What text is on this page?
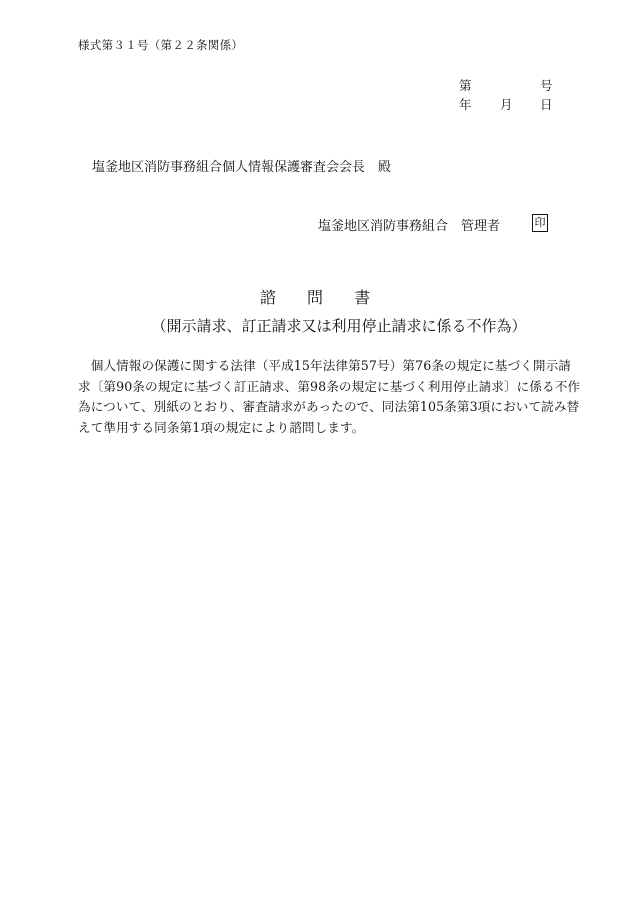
様式第３１号（第２２条関係）
第	号
年 月 日
塩釜地区消防事務組合個人情報保護審査会会長　殿
塩釜地区消防事務組合　管理者	印
諮 問 書
（開示請求、訂正請求又は利用停止請求に係る不作為）
　個人情報の保護に関する法律（平成15年法律第57号）第76条の規定に基づく開示請
求〔第90条の規定に基づく訂正請求、第98条の規定に基づく利用停止請求〕に係る不作
為について、別紙のとおり、審査請求があったので、同法第105条第3項において読み替
えて準用する同条第1項の規定により諮問します。
